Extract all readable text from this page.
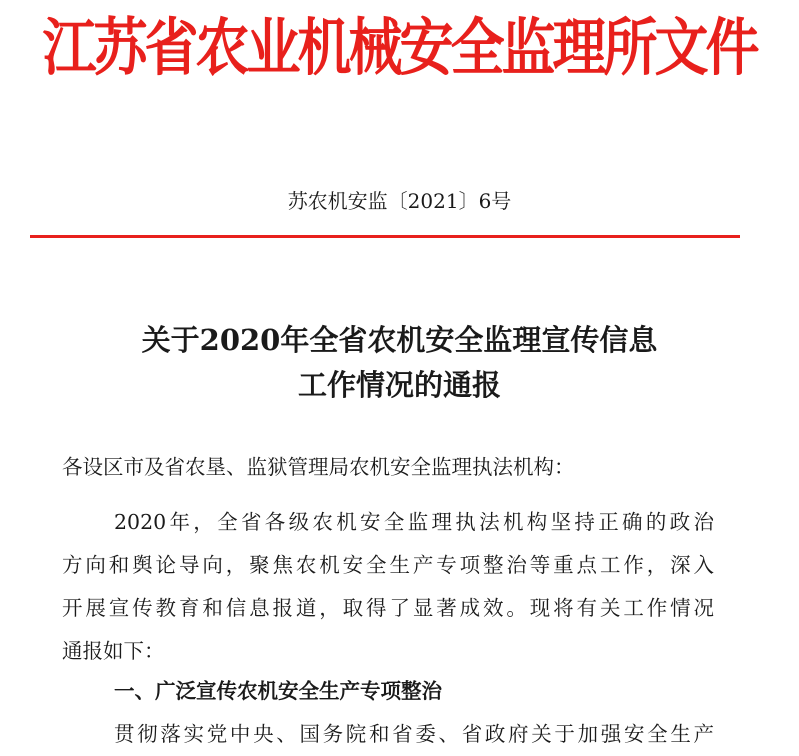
江苏省农业机械安全监理所文件
苏农机安监〔2021〕6号
关于2020年全省农机安全监理宣传信息
工作情况的通报
各设区市及省农垦、监狱管理局农机安全监理执法机构：
2020年，全省各级农机安全监理执法机构坚持正确的政治
方向和舆论导向，聚焦农机安全生产专项整治等重点工作，深入
开展宣传教育和信息报道，取得了显著成效。现将有关工作情况
通报如下：
一、广泛宣传农机安全生产专项整治
贯彻落实党中央、国务院和省委、省政府关于加强安全生产
